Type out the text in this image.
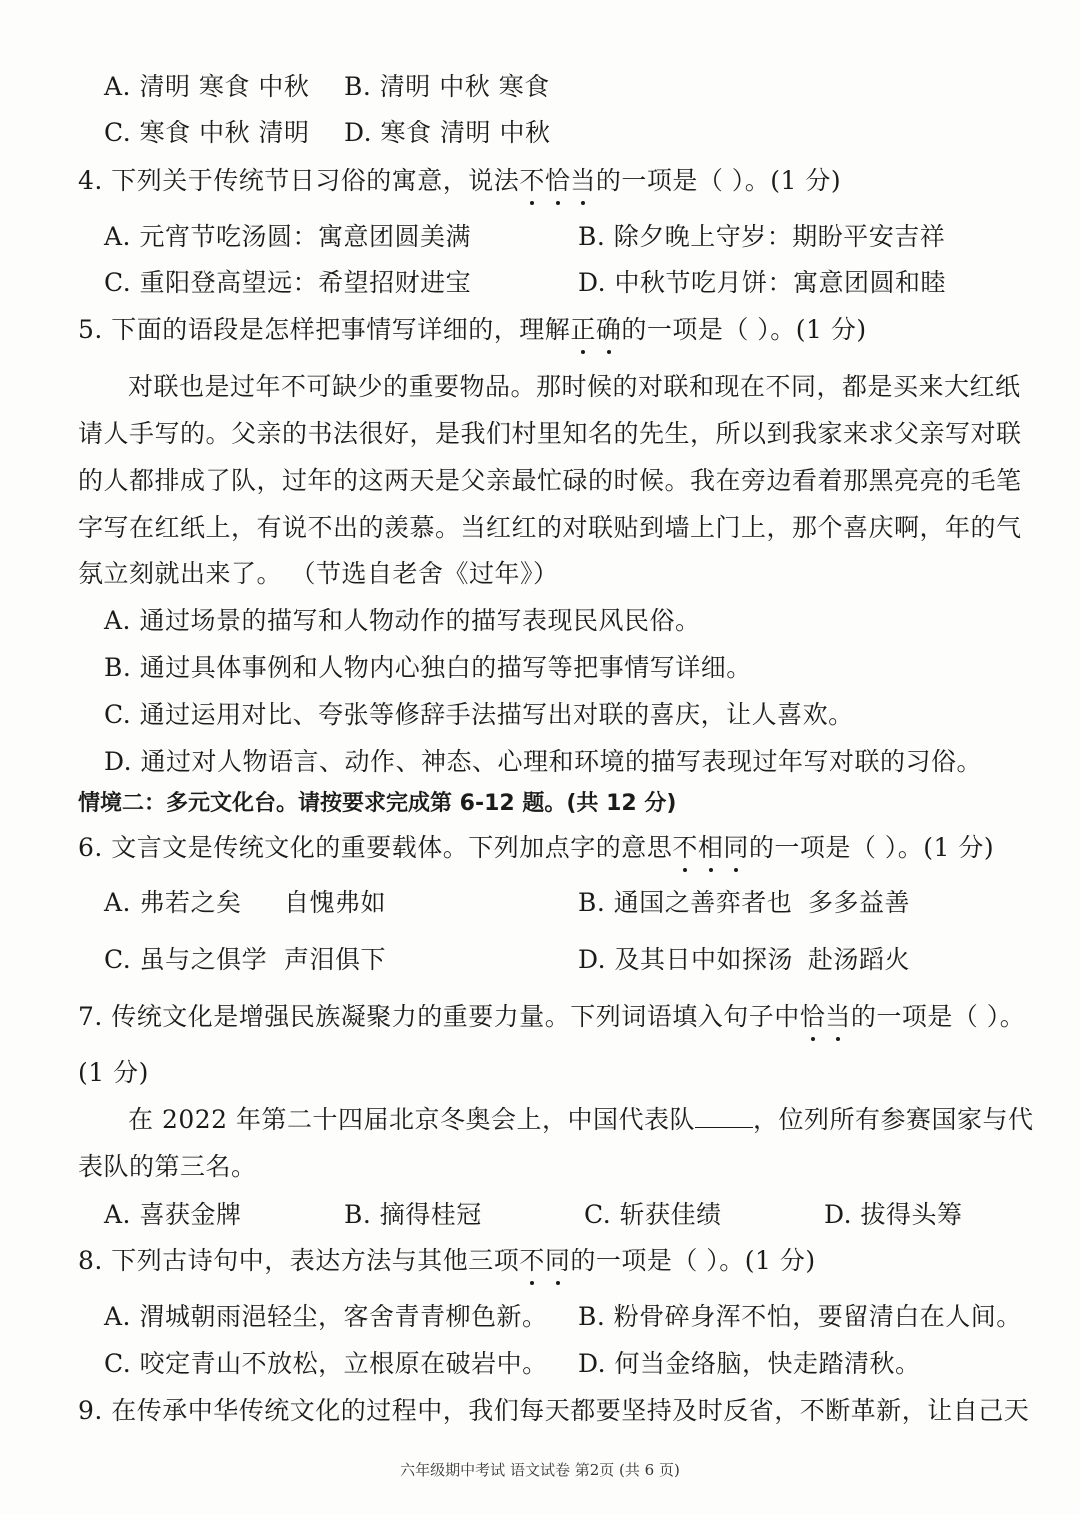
A. 清明 寒食 中秋 B. 清明 中秋 寒食
C. 寒食 中秋 清明 D. 寒食 清明 中秋
4. 下列关于传统节日习俗的寓意，说法不恰当的一项是（ ）。(1 分)
A. 元宵节吃汤圆：寓意团圆美满	B. 除夕晚上守岁：期盼平安吉祥
C. 重阳登高望远：希望招财进宝	D. 中秋节吃月饼：寓意团圆和睦
5. 下面的语段是怎样把事情写详细的，理解正确的一项是（ ）。(1 分)
对联也是过年不可缺少的重要物品。那时候的对联和现在不同，都是买来大红纸
请人手写的。父亲的书法很好，是我们村里知名的先生，所以到我家来求父亲写对联
的人都排成了队，过年的这两天是父亲最忙碌的时候。我在旁边看着那黑亮亮的毛笔
字写在红纸上，有说不出的羡慕。当红红的对联贴到墙上门上，那个喜庆啊，年的气
氛立刻就出来了。 （节选自老舍《过年》）
A. 通过场景的描写和人物动作的描写表现民风民俗。
B. 通过具体事例和人物内心独白的描写等把事情写详细。
C. 通过运用对比、夸张等修辞手法描写出对联的喜庆，让人喜欢。
D. 通过对人物语言、动作、神态、心理和环境的描写表现过年写对联的习俗。
情境二：多元文化台。请按要求完成第 6-12 题。(共 12 分)
6. 文言文是传统文化的重要载体。下列加点字的意思不相同的一项是（ ）。(1 分)
A. 弗若之矣 自愧弗如	B. 通国之善弈者也 多多益善
C. 虽与之俱学 声泪俱下	D. 及其日中如探汤 赴汤蹈火
7. 传统文化是增强民族凝聚力的重要力量。下列词语填入句子中恰当的一项是（ ）。
(1 分)
在 2022 年第二十四届北京冬奥会上，中国代表队 ，位列所有参赛国家与代
表队的第三名。
A. 喜获金牌	B. 摘得桂冠	C. 斩获佳绩	D. 拔得头筹
8. 下列古诗句中，表达方法与其他三项不同的一项是（ ）。(1 分)
A. 渭城朝雨浥轻尘，客舍青青柳色新。 B. 粉骨碎身浑不怕，要留清白在人间。
C. 咬定青山不放松，立根原在破岩中。 D. 何当金络脑，快走踏清秋。
9. 在传承中华传统文化的过程中，我们每天都要坚持及时反省，不断革新，让自己天
六年级期中考试 语文试卷 第2页 (共 6 页)
